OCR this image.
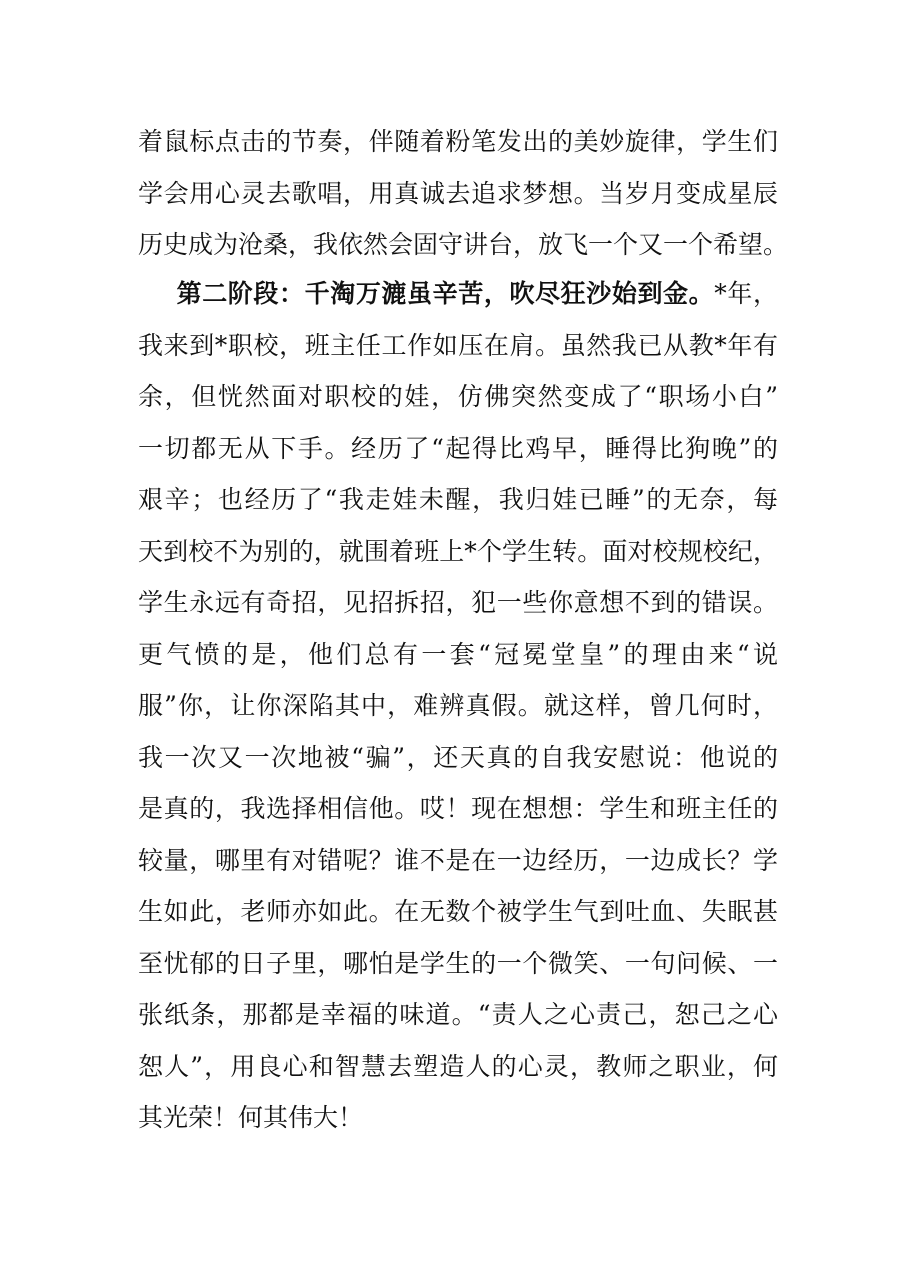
着鼠标点击的节奏，伴随着粉笔发出的美妙旋律，学生们
学会用心灵去歌唱，用真诚去追求梦想。当岁月变成星辰
历史成为沧桑，我依然会固守讲台，放飞一个又一个希望。
第二阶段：千淘万漉虽辛苦，吹尽狂沙始到金。*年，
我来到*职校，班主任工作如压在肩。虽然我已从教*年有
余，但恍然面对职校的娃，仿佛突然变成了“职场小白”
一切都无从下手。经历了“起得比鸡早，睡得比狗晚”的
艰辛；也经历了“我走娃未醒，我归娃已睡”的无奈，每
天到校不为别的，就围着班上*个学生转。面对校规校纪，
学生永远有奇招，见招拆招，犯一些你意想不到的错误。
更气愤的是，他们总有一套“冠冕堂皇”的理由来“说
服”你，让你深陷其中，难辨真假。就这样，曾几何时，
我一次又一次地被“骗”，还天真的自我安慰说：他说的
是真的，我选择相信他。哎！现在想想：学生和班主任的
较量，哪里有对错呢？谁不是在一边经历，一边成长？学
生如此，老师亦如此。在无数个被学生气到吐血、失眠甚
至忧郁的日子里，哪怕是学生的一个微笑、一句问候、一
张纸条，那都是幸福的味道。“责人之心责己，恕己之心
恕人”，用良心和智慧去塑造人的心灵，教师之职业，何
其光荣！何其伟大！
